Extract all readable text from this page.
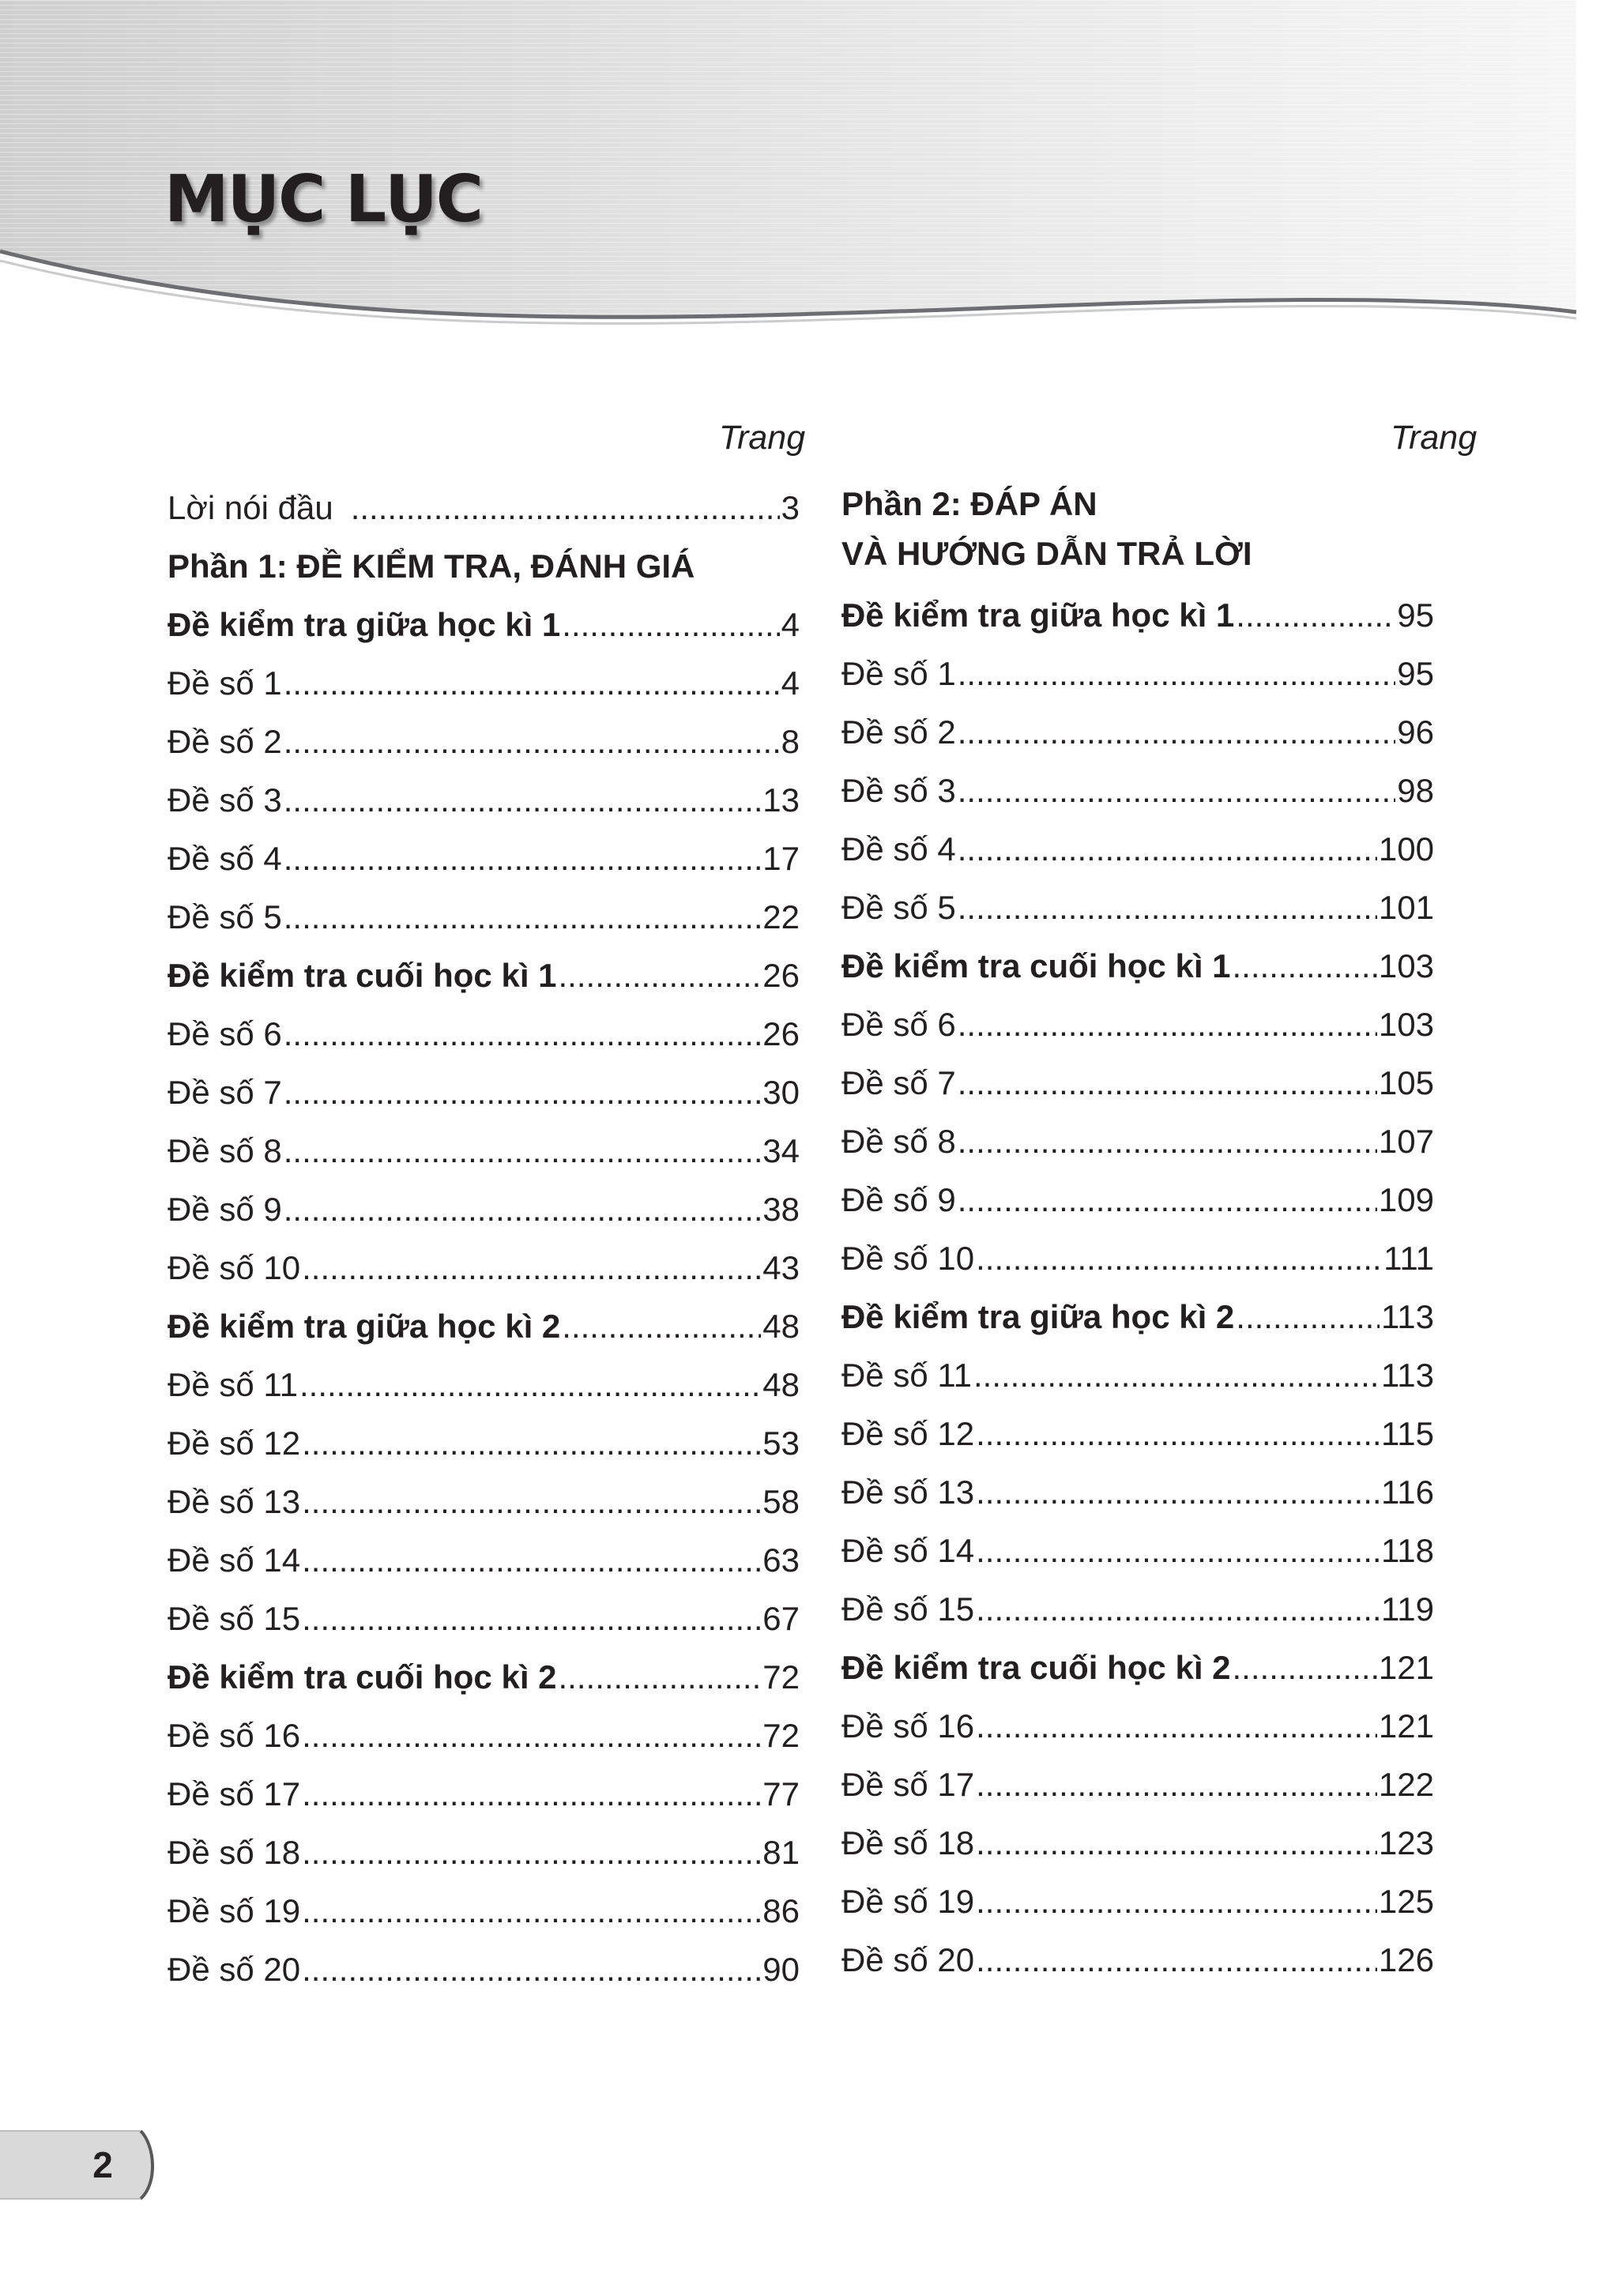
MỤC LỤC
Trang	Trang
Lời nói đầu .....	3
Phần 1: ĐỀ KIỂM TRA, ĐÁNH GIÁ
Đề kiểm tra giữa học kì 1 .....	4
Đề số 1 .....	4
Đề số 2 .....	8
Đề số 3 .....	13
Đề số 4 .....	17
Đề số 5 .....	22
Đề kiểm tra cuối học kì 1 .....	26
Đề số 6 .....	26
Đề số 7 .....	30
Đề số 8 .....	34
Đề số 9 .....	38
Đề số 10 .....	43
Đề kiểm tra giữa học kì 2 .....	48
Đề số 11 .....	48
Đề số 12 .....	53
Đề số 13 .....	58
Đề số 14 .....	63
Đề số 15 .....	67
Đề kiểm tra cuối học kì 2 .....	72
Đề số 16 .....	72
Đề số 17 .....	77
Đề số 18 .....	81
Đề số 19 .....	86
Đề số 20 .....	90
Phần 2: ĐÁP ÁN
VÀ HƯỚNG DẪN TRẢ LỜI
Đề kiểm tra giữa học kì 1 .....	95
Đề số 1 .....	95
Đề số 2 .....	96
Đề số 3 .....	98
Đề số 4 .....	100
Đề số 5 .....	101
Đề kiểm tra cuối học kì 1 .....	103
Đề số 6 .....	103
Đề số 7 .....	105
Đề số 8 .....	107
Đề số 9 .....	109
Đề số 10 .....	111
Đề kiểm tra giữa học kì 2 .....	113
Đề số 11 .....	113
Đề số 12 .....	115
Đề số 13 .....	116
Đề số 14 .....	118
Đề số 15 .....	119
Đề kiểm tra cuối học kì 2 .....	121
Đề số 16 .....	121
Đề số 17 .....	122
Đề số 18 .....	123
Đề số 19 .....	125
Đề số 20 .....	126
2
